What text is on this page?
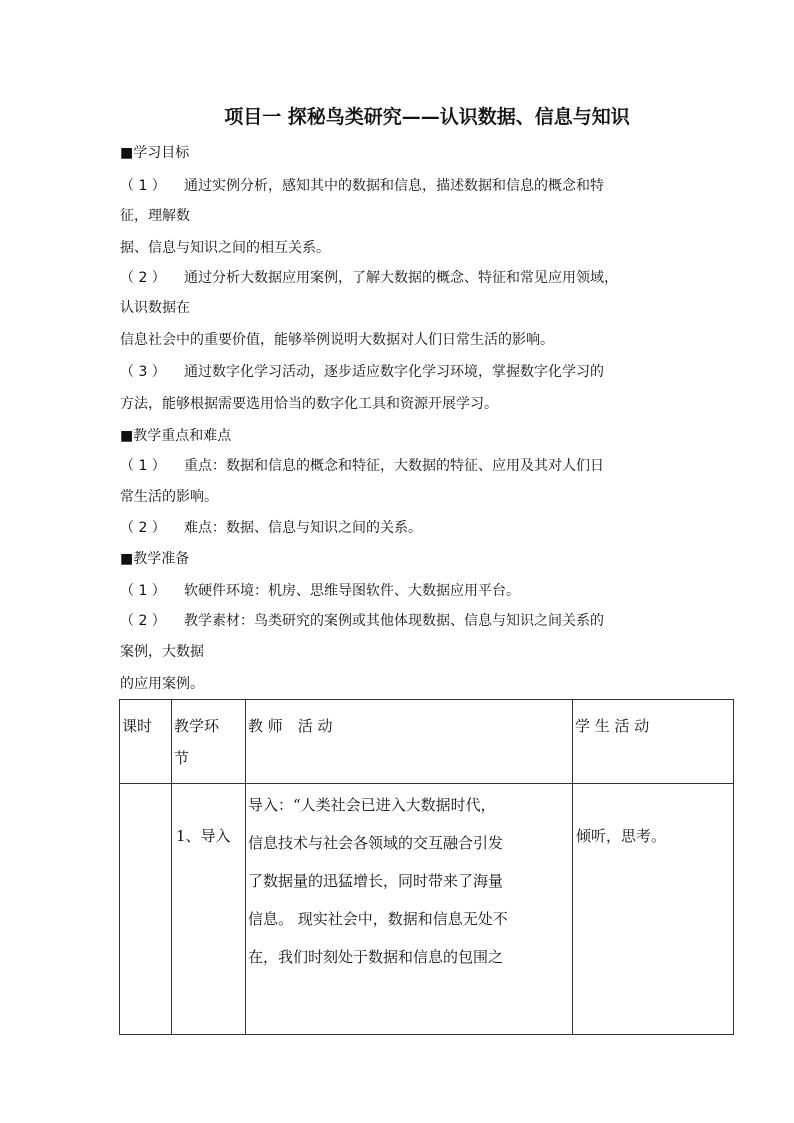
项目一 探秘鸟类研究——认识数据、信息与知识
■学习目标
（ 1 ） 通过实例分析，感知其中的数据和信息，描述数据和信息的概念和特
征，理解数
据、信息与知识之间的相互关系。
（ 2 ） 通过分析大数据应用案例，了解大数据的概念、特征和常见应用领域，
认识数据在
信息社会中的重要价值，能够举例说明大数据对人们日常生活的影响。
（ 3 ） 通过数字化学习活动，逐步适应数字化学习环境，掌握数字化学习的
方法，能够根据需要选用恰当的数字化工具和资源开展学习。
■教学重点和难点
（ 1 ） 重点：数据和信息的概念和特征，大数据的特征、应用及其对人们日
常生活的影响。
（ 2 ） 难点：数据、信息与知识之间的关系。
■教学准备
（ 1 ） 软硬件环境：机房、思维导图软件、大数据应用平台。
（ 2 ） 教学素材：鸟类研究的案例或其他体现数据、信息与知识之间关系的
案例，大数据
的应用案例。
课时	教学环
节	教 师　活 动	学 生 活 动
	1、导入	导入：“人类社会已进入大数据时代，
信息技术与社会各领域的交互融合引发
了数据量的迅猛增长，同时带来了海量
信息。 现实社会中，数据和信息无处不
在，我们时刻处于数据和信息的包围之	倾听，思考。
